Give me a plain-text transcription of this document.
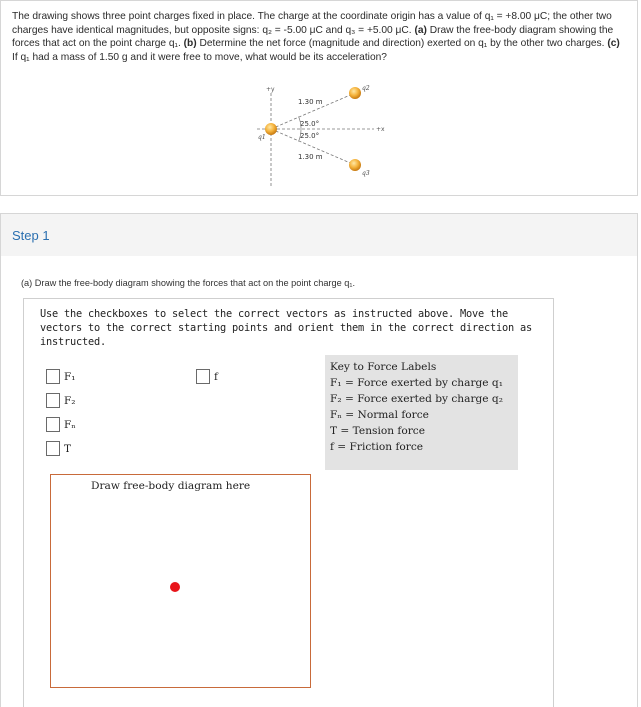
The drawing shows three point charges fixed in place. The charge at the coordinate origin has a value of q₁ = +8.00 μC; the other two charges have identical magnitudes, but opposite signs: q₂ = -5.00 μC and q₃ = +5.00 μC. (a) Draw the free-body diagram showing the forces that act on the point charge q₁. (b) Determine the net force (magnitude and direction) exerted on q₁ by the other two charges. (c) If q₁ had a mass of 1.50 g and it were free to move, what would be its acceleration?
+y
+x
25.0°
25.0°
1.30 m
1.30 m
q1
q2
q3
Step 1
(a) Draw the free-body diagram showing the forces that act on the point charge q₁.
Use the checkboxes to select the correct vectors as instructed above. Move the vectors to the correct starting points and orient them in the correct direction as instructed.
F₁
F₂
Fₙ
T
f
Key to Force Labels
F₁ = Force exerted by charge q₁
F₂ = Force exerted by charge q₂
Fₙ = Normal force
T = Tension force
f = Friction force
Draw free-body diagram here
